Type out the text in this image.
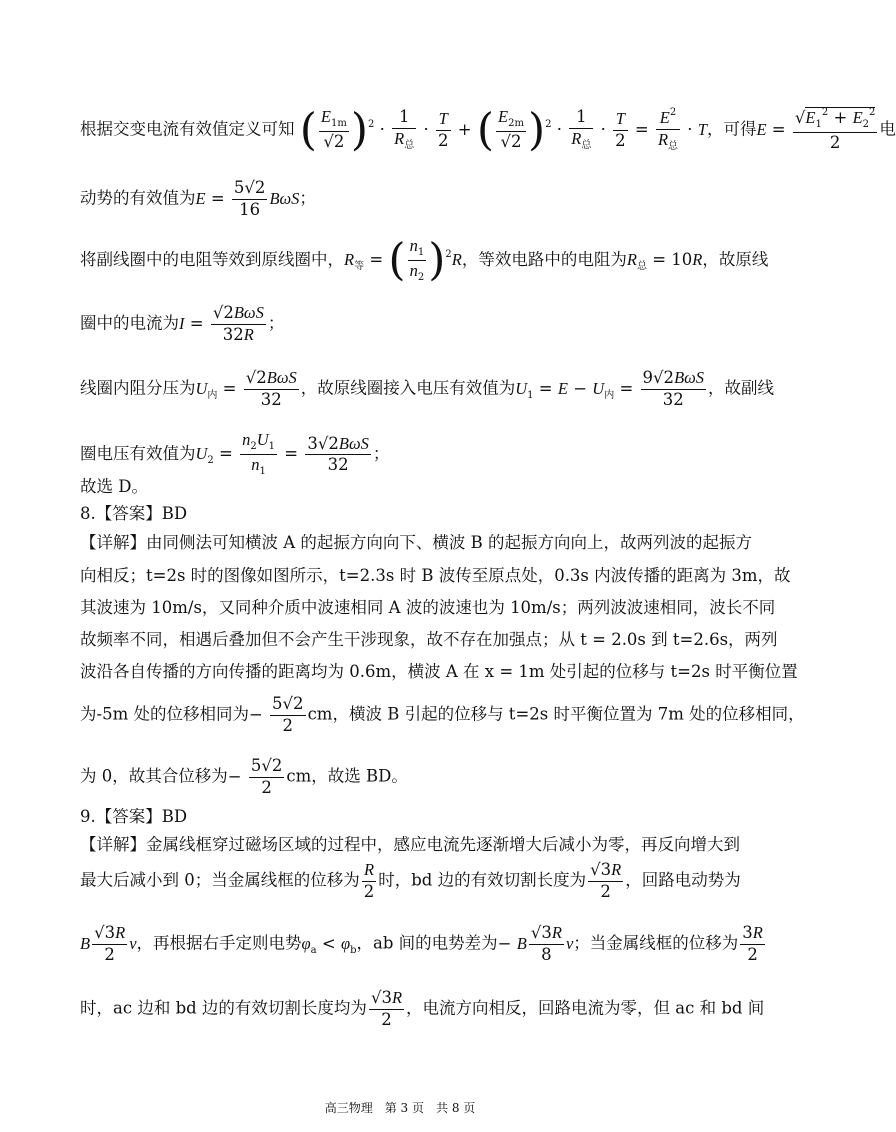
根据交变电流有效值定义可知 ( $\frac{E_{1m}}{√2} )^2 \cdot \frac{1}{R_总} \cdot \frac{T}{2}$ + ( $\frac{E_{2m}}{√2} )^2 \cdot \frac{1}{R_总} \cdot \frac{T}{2} = \frac{E^2}{R_总} \cdot T$，可得$E = \frac{√E_1^2 + E_2^2}{2}$ 电
动势的有效值为$E = \frac{5√2}{16}$ BωS；
将副线圈中的电阻等效到原线圈中，$R_等$ = ( $\frac{n_1}{n_2} )^2R$，等效电路中的电阻为$R_总 = 10R$，故原线
圈中的电流为$I = \frac{\text{√2BωS}}{32R}$ ；
线圈内阻分压为$U_内 = \frac{\text{√2BωS}}{32}$ ，故原线圈接入电压有效值为$U_1 = E - U_内 = \frac{\text{9√2BωS}}{32}$ ，故副线
圈电压有效值为$U_2 = \frac{n_2U_1}{n_1} = \frac{\text{3√2BωS}}{32}$ ；
故选 D。
8.【答案】BD
【详解】由同侧法可知横波 A 的起振方向向下、横波 B 的起振方向向上，故两列波的起振方
向相反；t=2s 时的图像如图所示，t=2.3s 时 B 波传至原点处，0.3s 内波传播的距离为 3m，故
其波速为 10m/s，又同种介质中波速相同 A 波的波速也为 10m/s；两列波波速相同，波长不同
故频率不同，相遇后叠加但不会产生干涉现象，故不存在加强点；从 t = 2.0s 到 t=2.6s，两列
波沿各自传播的方向传播的距离均为 0.6m，横波 A 在 x = 1m 处引起的位移与 t=2s 时平衡位置
为-5m 处的位移相同为− $\frac{5√2}{2}$ cm，横波 B 引起的位移与 t=2s 时平衡位置为 7m 处的位移相同，
为 0，故其合位移为− $\frac{5√2}{2}$ cm，故选 BD。
9.【答案】BD
【详解】金属线框穿过磁场区域的过程中，感应电流先逐渐增大后减小为零，再反向增大到
最大后减小到 0；当金属线框的位移为 $\frac{R}{2}$ 时，bd 边的有效切割长度为 $\frac{√3R}{2}$ ，回路电动势为
B $\frac{√3R}{2}$ v，再根据右手定则电势$\varphi_a < \varphi_b$，ab 间的电势差为− B $\frac{√3R}{8}$ v；当金属线框的位移为 $\frac{3R}{2}$
时，ac 边和 bd 边的有效切割长度均为 $\frac{√3R}{2}$ ，电流方向相反，回路电流为零，但 ac 和 bd 间
高三物理　第 3 页　共 8 页
